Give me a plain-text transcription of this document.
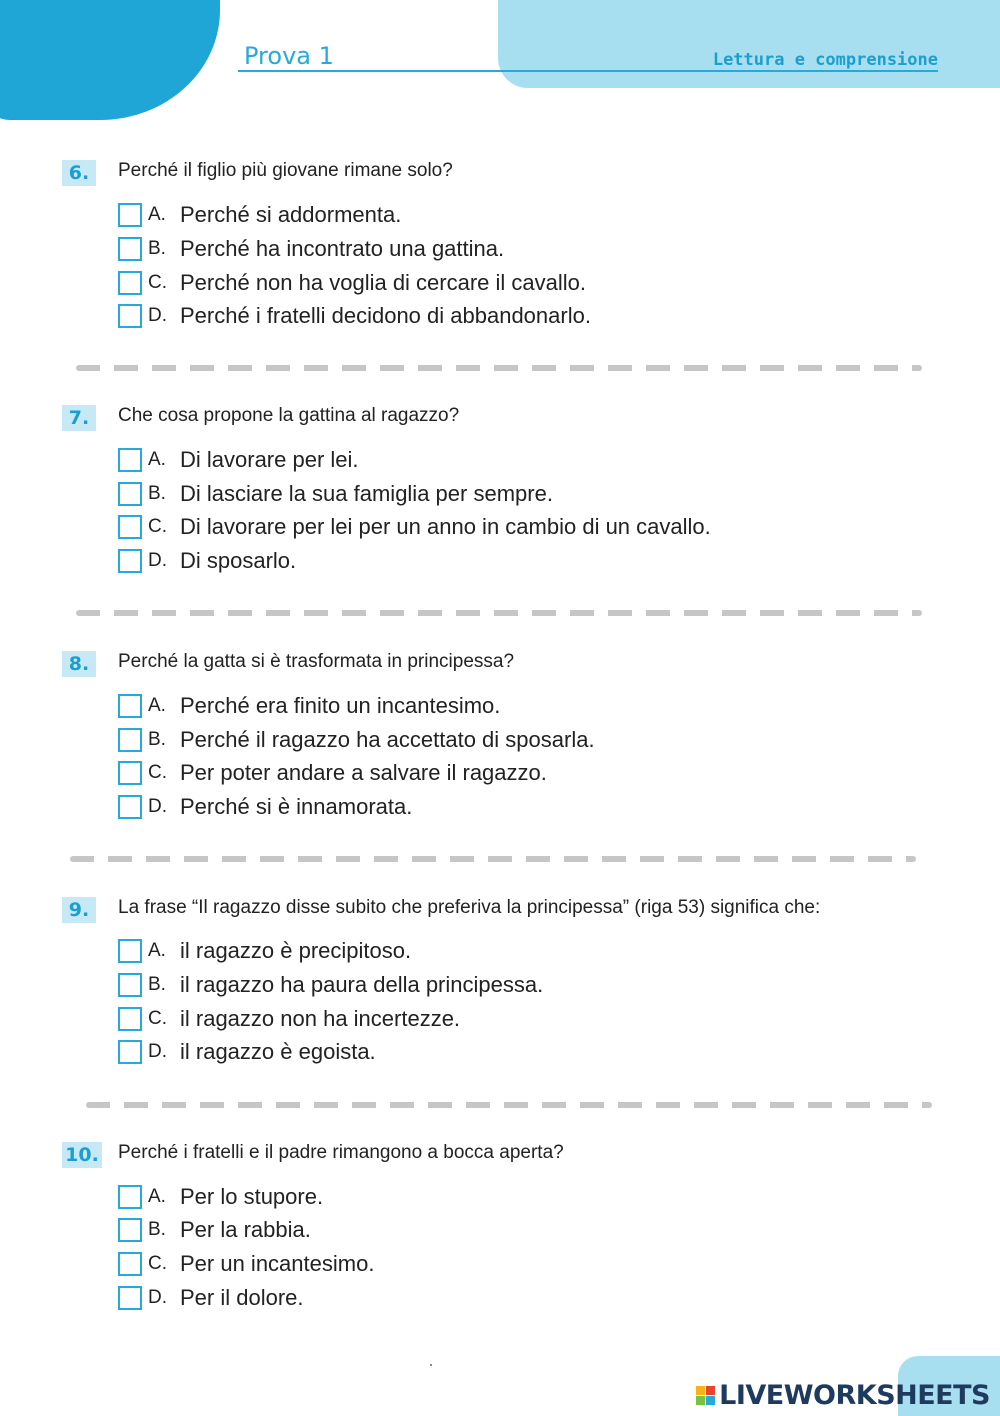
Prova 1	Lettura e comprensione
6.	Perché il figlio più giovane rimane solo?
A. Perché si addormenta.
B. Perché ha incontrato una gattina.
C. Perché non ha voglia di cercare il cavallo.
D. Perché i fratelli decidono di abbandonarlo.
7.	Che cosa propone la gattina al ragazzo?
A. Di lavorare per lei.
B. Di lasciare la sua famiglia per sempre.
C. Di lavorare per lei per un anno in cambio di un cavallo.
D. Di sposarlo.
8.	Perché la gatta si è trasformata in principessa?
A. Perché era finito un incantesimo.
B. Perché il ragazzo ha accettato di sposarla.
C. Per poter andare a salvare il ragazzo.
D. Perché si è innamorata.
9.	La frase “Il ragazzo disse subito che preferiva la principessa” (riga 53) significa che:
A. il ragazzo è precipitoso.
B. il ragazzo ha paura della principessa.
C. il ragazzo non ha incertezze.
D. il ragazzo è egoista.
10. Perché i fratelli e il padre rimangono a bocca aperta?
A. Per lo stupore.
B. Per la rabbia.
C. Per un incantesimo.
D. Per il dolore.
LIVEWORKSHEETS
